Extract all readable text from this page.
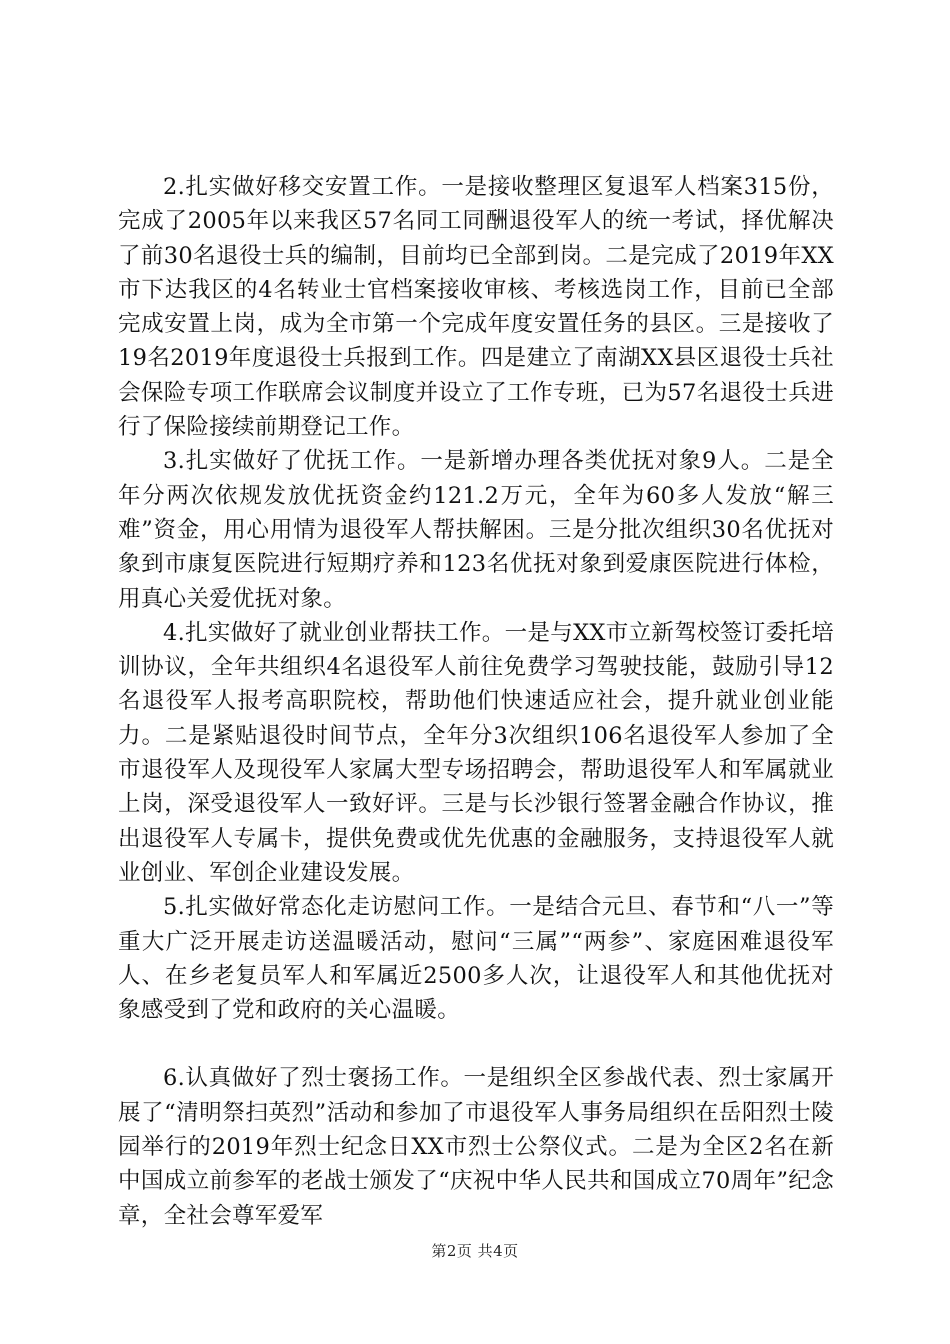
2.扎实做好移交安置工作。一是接收整理区复退军人档案315份，完成了2005年以来我区57名同工同酬退役军人的统一考试，择优解决了前30名退役士兵的编制，目前均已全部到岗。二是完成了2019年XX市下达我区的4名转业士官档案接收审核、考核选岗工作，目前已全部完成安置上岗，成为全市第一个完成年度安置任务的县区。三是接收了19名2019年度退役士兵报到工作。四是建立了南湖XX县区退役士兵社会保险专项工作联席会议制度并设立了工作专班，已为57名退役士兵进行了保险接续前期登记工作。

3.扎实做好了优抚工作。一是新增办理各类优抚对象9人。二是全年分两次依规发放优抚资金约121.2万元，全年为60多人发放“解三难”资金，用心用情为退役军人帮扶解困。三是分批次组织30名优抚对象到市康复医院进行短期疗养和123名优抚对象到爱康医院进行体检，用真心关爱优抚对象。

4.扎实做好了就业创业帮扶工作。一是与XX市立新驾校签订委托培训协议，全年共组织4名退役军人前往免费学习驾驶技能，鼓励引导12名退役军人报考高职院校，帮助他们快速适应社会，提升就业创业能力。二是紧贴退役时间节点，全年分3次组织106名退役军人参加了全市退役军人及现役军人家属大型专场招聘会，帮助退役军人和军属就业上岗，深受退役军人一致好评。三是与长沙银行签署金融合作协议，推出退役军人专属卡，提供免费或优先优惠的金融服务，支持退役军人就业创业、军创企业建设发展。

5.扎实做好常态化走访慰问工作。一是结合元旦、春节和“八一”等重大广泛开展走访送温暖活动，慰问“三属”“两参”、家庭困难退役军人、在乡老复员军人和军属近2500多人次，让退役军人和其他优抚对象感受到了党和政府的关心温暖。

6.认真做好了烈士褒扬工作。一是组织全区参战代表、烈士家属开展了“清明祭扫英烈”活动和参加了市退役军人事务局组织在岳阳烈士陵园举行的2019年烈士纪念日XX市烈士公祭仪式。二是为全区2名在新中国成立前参军的老战士颁发了“庆祝中华人民共和国成立70周年”纪念章，全社会尊军爱军

第2页 共4页
